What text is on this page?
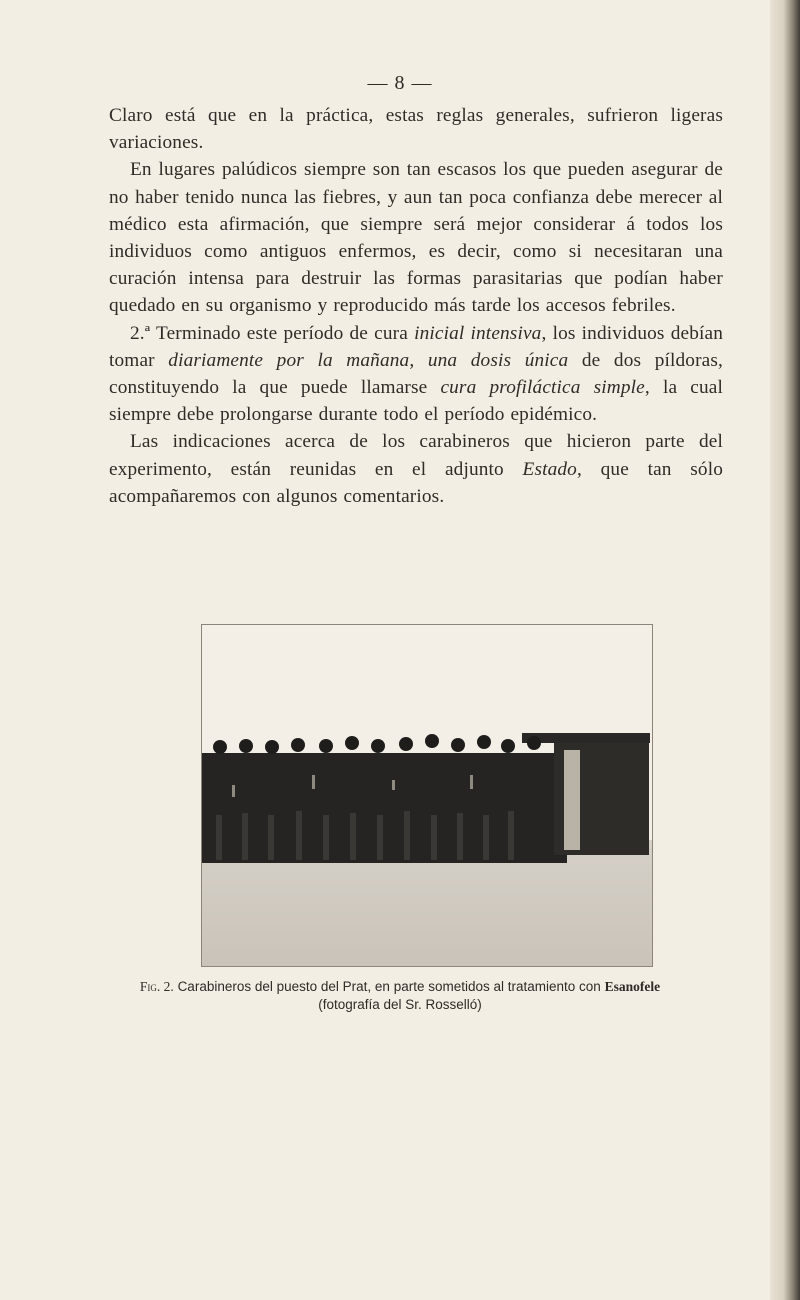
— 8 —

Claro está que en la práctica, estas reglas generales, sufrieron ligeras variaciones.

En lugares palúdicos siempre son tan escasos los que pueden asegurar de no haber tenido nunca las fiebres, y aun tan poca confianza debe merecer al médico esta afirmación, que siempre será mejor considerar á todos los individuos como antiguos enfermos, es decir, como si necesitaran una curación intensa para destruir las formas parasitarias que podían haber quedado en su organismo y reproducido más tarde los accesos febriles.

2.ª Terminado este período de cura inicial intensiva, los individuos debían tomar diariamente por la mañana, una dosis única de dos píldoras, constituyendo la que puede llamarse cura profiláctica simple, la cual siempre debe prolongarse durante todo el período epidémico.

Las indicaciones acerca de los carabineros que hicieron parte del experimento, están reunidas en el adjunto Estado, que tan sólo acompañaremos con algunos comentarios.

Fig. 2. Carabineros del puesto del Prat, en parte sometidos al tratamiento con Esanofele
(fotografía del Sr. Rosselló)
